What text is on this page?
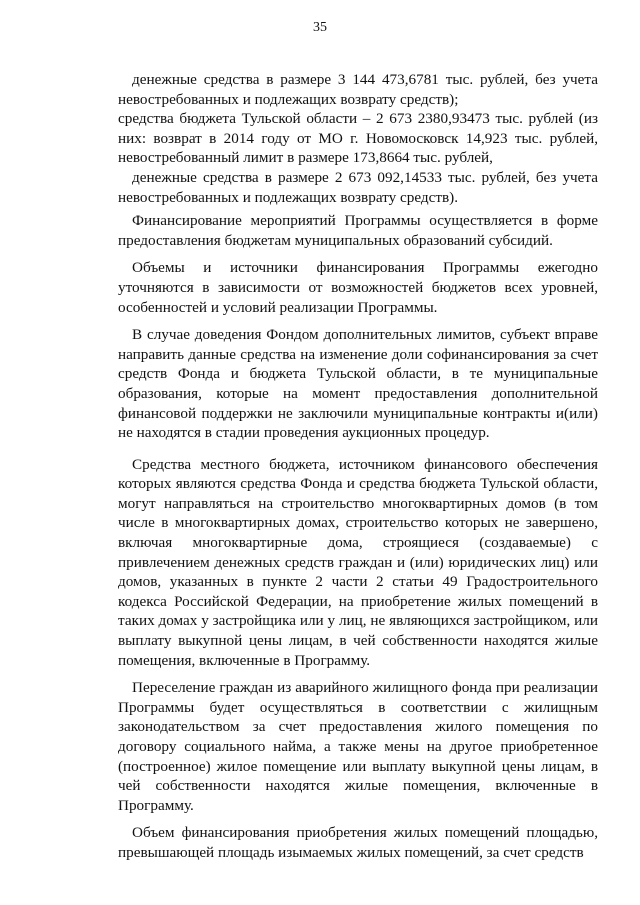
35

денежные средства в размере 3 144 473,6781 тыс. рублей, без учета невостребованных и подлежащих возврату средств);

средства бюджета Тульской области – 2 673 2380,93473 тыс. рублей (из них: возврат в 2014 году от МО г. Новомосковск 14,923 тыс. рублей, невостребованный лимит в размере 173,8664 тыс. рублей,

денежные средства в размере 2 673 092,14533 тыс. рублей, без учета невостребованных и подлежащих возврату средств).

Финансирование мероприятий Программы осуществляется в форме предоставления бюджетам муниципальных образований субсидий.

Объемы и источники финансирования Программы ежегодно уточняются в зависимости от возможностей бюджетов всех уровней, особенностей и условий реализации Программы.

В случае доведения Фондом дополнительных лимитов, субъект вправе направить данные средства на изменение доли софинансирования за счет средств Фонда и бюджета Тульской области, в те муниципальные образования, которые на момент предоставления дополнительной финансовой поддержки не заключили муниципальные контракты и(или) не находятся в стадии проведения аукционных процедур.

Средства местного бюджета, источником финансового обеспечения которых являются средства Фонда и средства бюджета Тульской области, могут направляться на строительство многоквартирных домов (в том числе в многоквартирных домах, строительство которых не завершено, включая многоквартирные дома, строящиеся (создаваемые) с привлечением денежных средств граждан и (или) юридических лиц) или домов, указанных в пункте 2 части 2 статьи 49 Градостроительного кодекса Российской Федерации, на приобретение жилых помещений в таких домах у застройщика или у лиц, не являющихся застройщиком, или выплату выкупной цены лицам, в чей собственности находятся жилые помещения, включенные в Программу.

Переселение граждан из аварийного жилищного фонда при реализации Программы будет осуществляться в соответствии с жилищным законодательством за счет предоставления жилого помещения по договору социального найма, а также мены на другое приобретенное (построенное) жилое помещение или выплату выкупной цены лицам, в чей собственности находятся жилые помещения, включенные в Программу.

Объем финансирования приобретения жилых помещений площадью, превышающей площадь изымаемых жилых помещений, за счет средств
